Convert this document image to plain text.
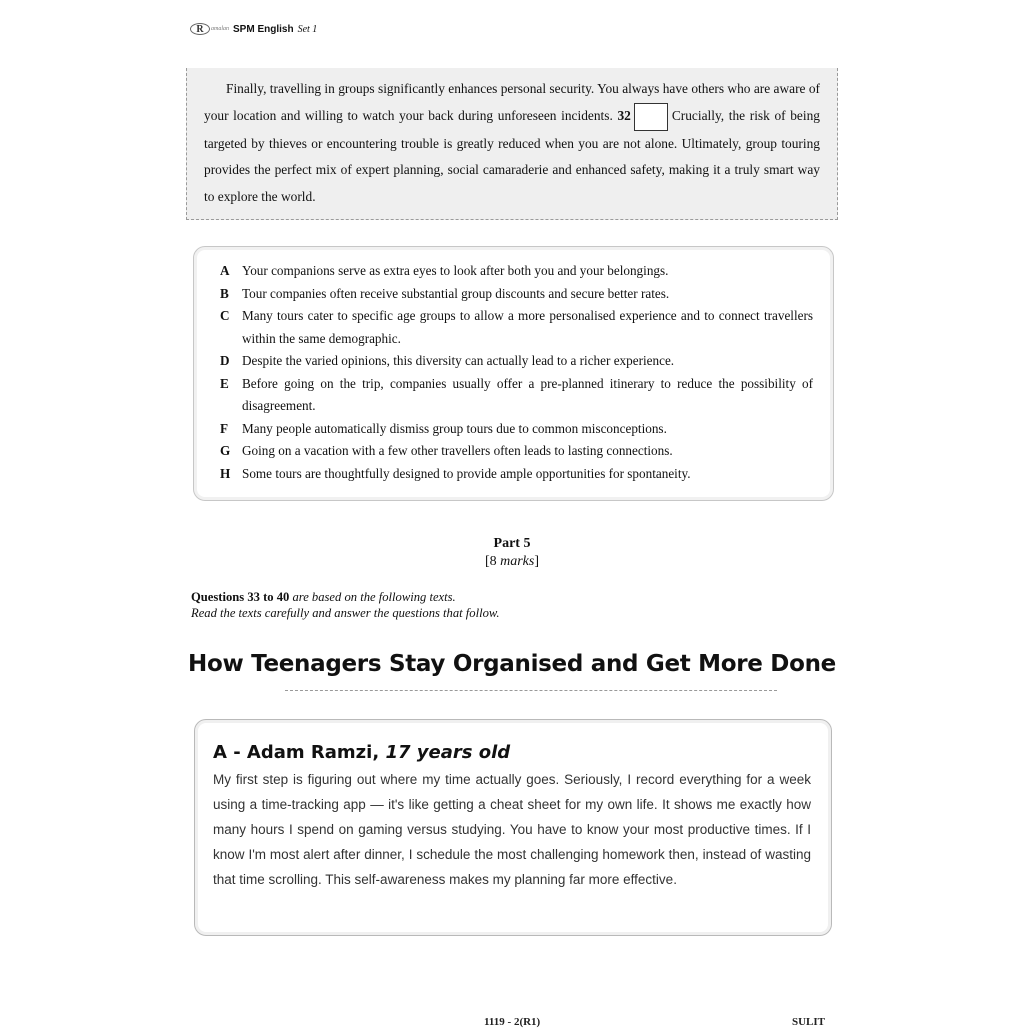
R	amalan SPM English Set 1

Finally, travelling in groups significantly enhances personal security. You always have others who are aware of your location and willing to watch your back during unforeseen incidents. 32	Crucially, the risk of being targeted by thieves or encountering trouble is greatly reduced when you are not alone. Ultimately, group touring provides the perfect mix of expert planning, social camaraderie and enhanced safety, making it a truly smart way to explore the world.

A Your companions serve as extra eyes to look after both you and your belongings.
B	Tour companies often receive substantial group discounts and secure better rates.
C Many tours cater to specific age groups to allow a more personalised experience and to connect travellers within the same demographic.
D Despite the varied opinions, this diversity can actually lead to a richer experience.
E	Before going on the trip, companies usually offer a pre-planned itinerary to reduce the possibility of disagreement.
F	Many people automatically dismiss group tours due to common misconceptions.
G Going on a vacation with a few other travellers often leads to lasting connections.
H Some tours are thoughtfully designed to provide ample opportunities for spontaneity.
Part 5
[8 marks]
Questions 33 to 40 are based on the following texts.
Read the texts carefully and answer the questions that follow.
How Teenagers Stay Organised and Get More Done
A - Adam Ramzi, 17 years old
My first step is figuring out where my time actually goes. Seriously, I record everything for a week using a time-tracking app — it's like getting a cheat sheet for my own life. It shows me exactly how many hours I spend on gaming versus studying. You have to know your most productive times. If I know I'm most alert after dinner, I schedule the most challenging homework then, instead of wasting that time scrolling. This self-awareness makes my planning far more effective.
1119 - 2(R1)	SULIT
